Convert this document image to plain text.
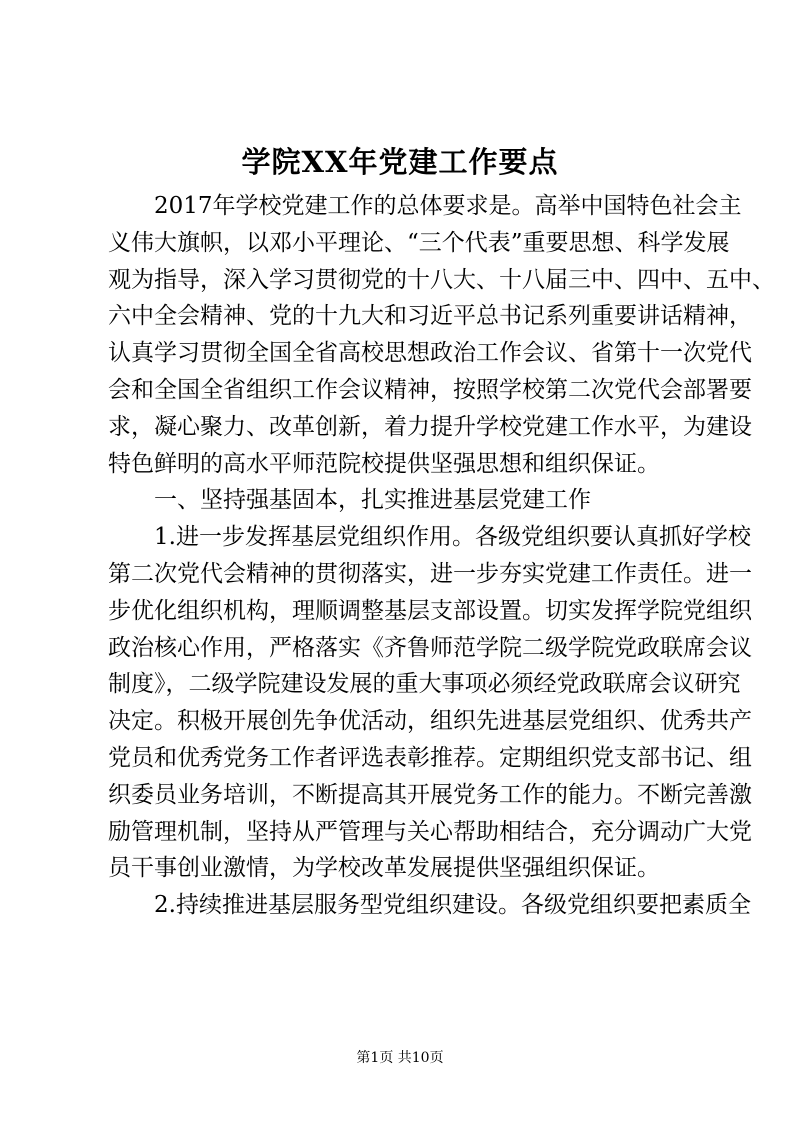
学院XX年党建工作要点

2017年学校党建工作的总体要求是。高举中国特色社会主

义伟大旗帜，以邓小平理论、“三个代表”重要思想、科学发展

观为指导，深入学习贯彻党的十八大、十八届三中、四中、五中、

六中全会精神、党的十九大和习近平总书记系列重要讲话精神，

认真学习贯彻全国全省高校思想政治工作会议、省第十一次党代

会和全国全省组织工作会议精神，按照学校第二次党代会部署要

求，凝心聚力、改革创新，着力提升学校党建工作水平，为建设

特色鲜明的高水平师范院校提供坚强思想和组织保证。

一、坚持强基固本，扎实推进基层党建工作

1.进一步发挥基层党组织作用。各级党组织要认真抓好学校

第二次党代会精神的贯彻落实，进一步夯实党建工作责任。进一

步优化组织机构，理顺调整基层支部设置。切实发挥学院党组织

政治核心作用，严格落实《齐鲁师范学院二级学院党政联席会议

制度》，二级学院建设发展的重大事项必须经党政联席会议研究

决定。积极开展创先争优活动，组织先进基层党组织、优秀共产

党员和优秀党务工作者评选表彰推荐。定期组织党支部书记、组

织委员业务培训，不断提高其开展党务工作的能力。不断完善激

励管理机制，坚持从严管理与关心帮助相结合，充分调动广大党

员干事创业激情，为学校改革发展提供坚强组织保证。

2.持续推进基层服务型党组织建设。各级党组织要把素质全

第1页 共10页
